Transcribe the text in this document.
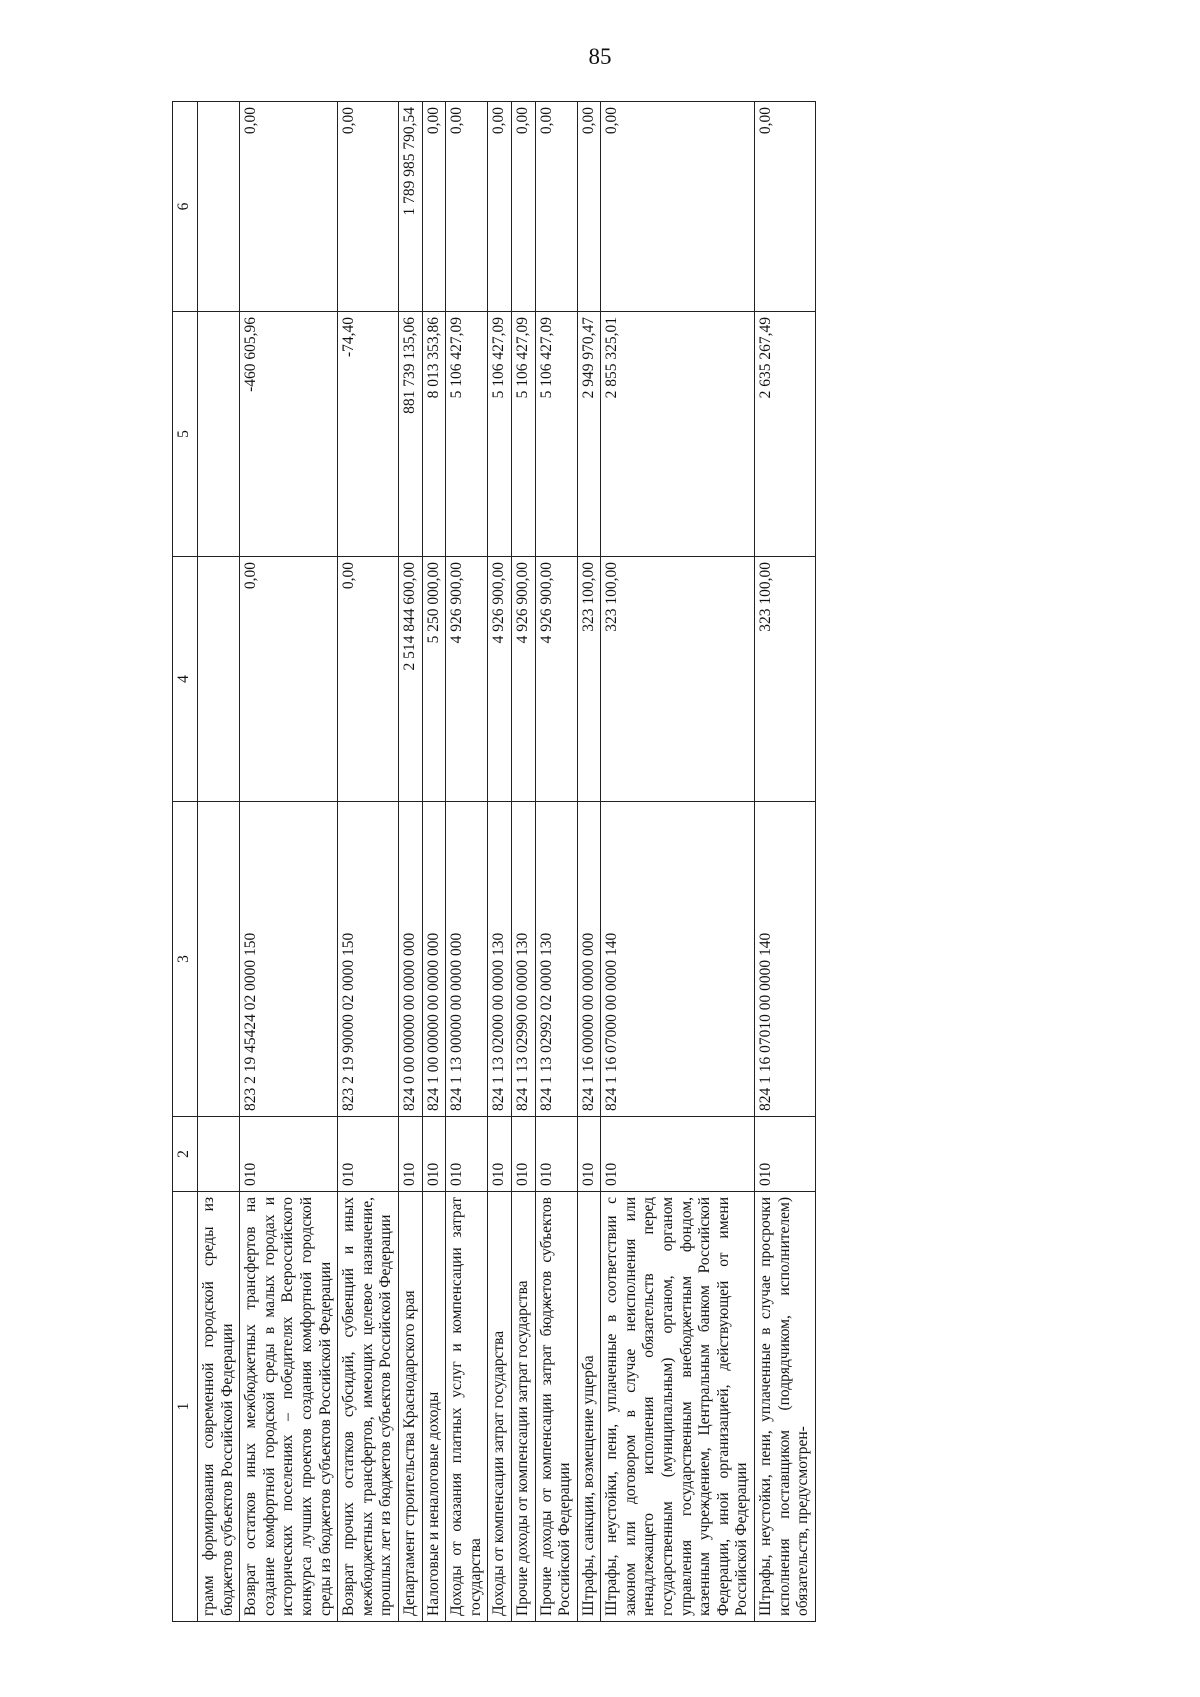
85
1	2	3	4	5	6
грамм формирования современной городской среды из бюджетов субъектов Российской Федерации					
Возврат остатков иных межбюджетных трансфертов на создание комфортной городской среды в малых городах и исторических поселениях – победителях Всероссийского конкурса лучших проектов создания комфортной городской среды из бюджетов субъектов Российской Федерации	010	823 2 19 45424 02 0000 150	0,00	-460 605,96	0,00
Возврат прочих остатков субсидий, субвенций и иных межбюджетных трансфертов, имеющих целевое назначение, прошлых лет из бюджетов субъектов Российской Федерации	010	823 2 19 90000 02 0000 150	0,00	-74,40	0,00
Департамент строительства Краснодарского края	010	824 0 00 00000 00 0000 000	2 514 844 600,00	881 739 135,06	1 789 985 790,54
Налоговые и неналоговые доходы	010	824 1 00 00000 00 0000 000	5 250 000,00	8 013 353,86	0,00
Доходы от оказания платных услуг и компенсации затрат государства	010	824 1 13 00000 00 0000 000	4 926 900,00	5 106 427,09	0,00
Доходы от компенсации затрат государства	010	824 1 13 02000 00 0000 130	4 926 900,00	5 106 427,09	0,00
Прочие доходы от компенсации затрат государства	010	824 1 13 02990 00 0000 130	4 926 900,00	5 106 427,09	0,00
Прочие доходы от компенсации затрат бюджетов субъектов Российской Федерации	010	824 1 13 02992 02 0000 130	4 926 900,00	5 106 427,09	0,00
Штрафы, санкции, возмещение ущерба	010	824 1 16 00000 00 0000 000	323 100,00	2 949 970,47	0,00
Штрафы, неустойки, пени, уплаченные в соответствии с законом или договором в случае неисполнения или ненадлежащего исполнения обязательств перед государственным (муниципальным) органом, органом управления государственным внебюджетным фондом, казенным учреждением, Центральным банком Российской Федерации, иной организацией, действующей от имени Российской Федерации	010	824 1 16 07000 00 0000 140	323 100,00	2 855 325,01	0,00
Штрафы, неустойки, пени, уплаченные в случае просрочки исполнения поставщиком (подрядчиком, исполнителем) обязательств, предусмотрен-	010	824 1 16 07010 00 0000 140	323 100,00	2 635 267,49	0,00
